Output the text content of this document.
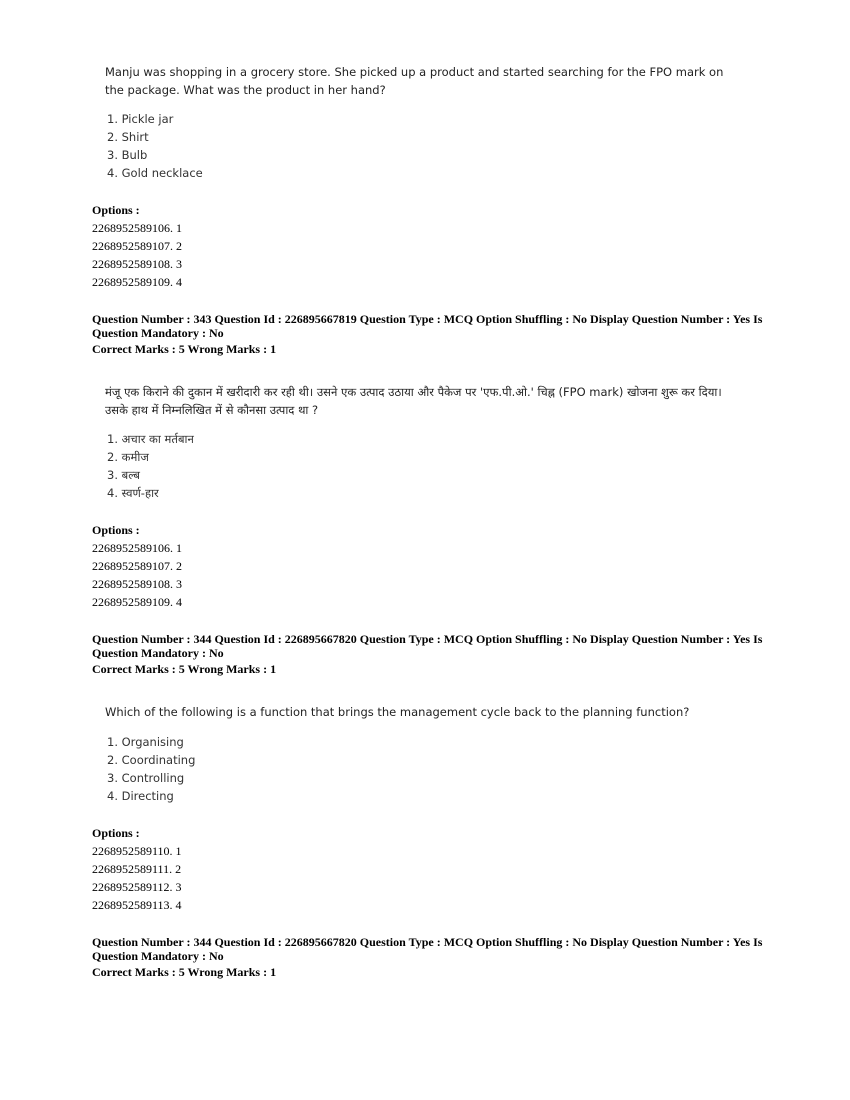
Manju was shopping in a grocery store. She picked up a product and started searching for the FPO mark on the package. What was the product in her hand?
1. Pickle jar
2. Shirt
3. Bulb
4. Gold necklace
Options :
2268952589106. 1
2268952589107. 2
2268952589108. 3
2268952589109. 4
Question Number : 343 Question Id : 226895667819 Question Type : MCQ Option Shuffling : No Display Question Number : Yes Is Question Mandatory : No
Correct Marks : 5 Wrong Marks : 1
मंजू एक किराने की दुकान में खरीदारी कर रही थी। उसने एक उत्पाद उठाया और पैकेज पर 'एफ.पी.ओ.' चिह्न (FPO mark) खोजना शुरू कर दिया। उसके हाथ में निम्नलिखित में से कौनसा उत्पाद था ?
1. अचार का मर्तबान
2. कमीज
3. बल्ब
4. स्वर्ण-हार
Options :
2268952589106. 1
2268952589107. 2
2268952589108. 3
2268952589109. 4
Question Number : 344 Question Id : 226895667820 Question Type : MCQ Option Shuffling : No Display Question Number : Yes Is Question Mandatory : No
Correct Marks : 5 Wrong Marks : 1
Which of the following is a function that brings the management cycle back to the planning function?
1. Organising
2. Coordinating
3. Controlling
4. Directing
Options :
2268952589110. 1
2268952589111. 2
2268952589112. 3
2268952589113. 4
Question Number : 344 Question Id : 226895667820 Question Type : MCQ Option Shuffling : No Display Question Number : Yes Is Question Mandatory : No
Correct Marks : 5 Wrong Marks : 1
